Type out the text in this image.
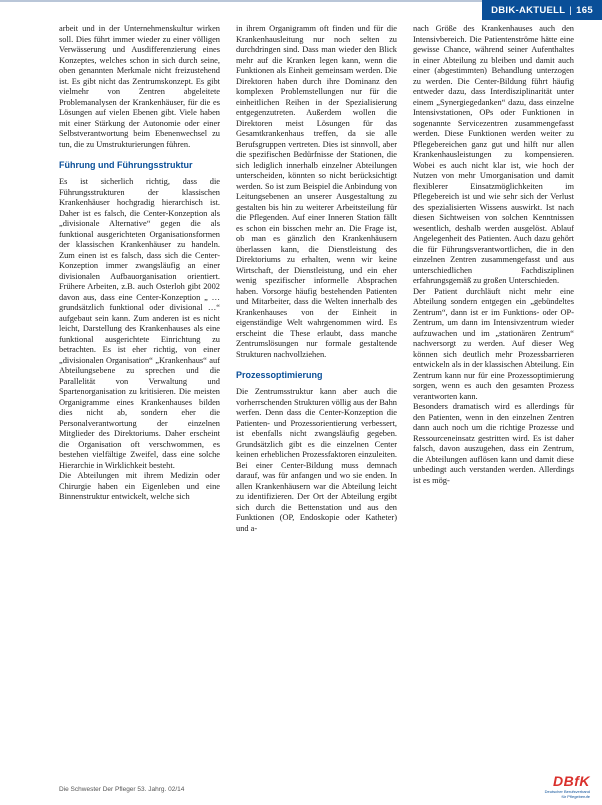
DBIK-AKTUELL | 165

arbeit und in der Unternehmenskultur wirken soll. Dies führt immer wieder zu einer völligen Verwässerung und Ausdifferenzierung eines Konzeptes, welches schon in sich durch seine, oben genannten Merkmale nicht freizustehend ist. Es gibt nicht das Zentrumskonzept. Es gibt vielmehr von Zentren abgeleitete Problemanalysen der Krankenhäuser, für die es Lösungen auf vielen Ebenen gibt. Viele haben mit einer Stärkung der Autonomie oder einer Selbstverantwortung beim Ebenenwechsel zu tun, die zu Umstrukturierungen führen.

Führung und Führungsstruktur

Es ist sicherlich richtig, dass die Führungsstrukturen der klassischen Krankenhäuser hochgradig hierarchisch ist. Daher ist es falsch, die Center-Konzeption als „divisionale Alternative“ gegen die als funktional ausgerichteten Organisationsformen der klassischen Krankenhäuser zu handeln. Zum einen ist es falsch, dass sich die Center-Konzeption immer zwangsläufig an einer divisionalen Aufbauorganisation orientiert. Frühere Arbeiten, z.B. auch Osterloh gibt 2002 davon aus, dass eine Center-Konzeption „ … grundsätzlich funktional oder divisional …“ aufgebaut sein kann. Zum anderen ist es nicht leicht, Darstellung des Krankenhauses als eine funktional ausgerichtete Einrichtung zu betrachten. Es ist eher richtig, von einer „divisionalen Organisation“ „Krankenhaus“ auf Abteilungsebene zu sprechen und die Parallelität von Verwaltung und Spartenorganisation zu kritisieren. Die meisten Organigramme eines Krankenhauses bilden dies nicht ab, sondern eher die Personalverantwortung der einzelnen Mitglieder des Direktoriums. Daher erscheint die Organisation oft verschwommen, es bestehen vielfältige Zweifel, dass eine solche Hierarchie in Wirklichkeit besteht.

Die Abteilungen mit ihrem Medizin oder Chirurgie haben ein Eigenleben und eine Binnenstruktur entwickelt, welche sich

in ihrem Organigramm oft finden und für die Krankenhausleitung nur noch selten zu durchdringen sind. Dass man wieder den Blick mehr auf die Kranken legen kann, wenn die Funktionen als Einheit gemeinsam werden. Die Direktoren haben durch ihre Dominanz den komplexen Problemstellungen nur für die einheitlichen Reihen in der Spezialisierung entgegenzutreten. Außerdem wollen die Direktoren meist Lösungen für das Gesamtkrankenhaus treffen, da sie alle Berufsgruppen vertreten. Dies ist sinnvoll, aber die spezifischen Bedürfnisse der Stationen, die sich lediglich innerhalb einzelner Abteilungen unterscheiden, könnten so nicht berücksichtigt werden. So ist zum Beispiel die Anbindung von Leitungsebenen an unserer Ausgestaltung zu gestalten bis hin zu weiterer Arbeitsteilung für die Pflegenden. Auf einer Inneren Station fällt es schon ein bisschen mehr an. Die Frage ist, ob man es gänzlich den Krankenhäusern überlassen kann, die Dienstleistung des Direktoriums zu erhalten, wenn wir keine Wirtschaft, der Dienstleistung, und ein eher wenig spezifischer informelle Absprachen haben. Vorsorge häufig bestehenden Patienten und Mitarbeiter, dass die Welten innerhalb des Krankenhauses von der Einheit in eigenständige Welt wahrgenommen wird. Es erscheint die These erlaubt, dass manche Zentrumslösungen nur formale gestaltende Strukturen nachvollziehen.

Prozessoptimierung

Die Zentrumsstruktur kann aber auch die vorherrschenden Strukturen völlig aus der Bahn werfen. Denn dass die Center-Konzeption die Patienten- und Prozessorientierung verbessert, ist ebenfalls nicht zwangsläufig gegeben. Grundsätzlich gibt es die einzelnen Center keinen erheblichen Prozessfaktoren einzuleiten. Bei einer Center-Bildung muss demnach darauf, was für anfangen und wo sie enden. In allen Krankenhäusern war die Abteilung leicht zu identifizieren. Der Ort der Abteilung ergibt sich durch die Bettenstation und aus den Funktionen (OP, Endoskopie oder Katheter) und a-

nach Größe des Krankenhauses auch den Intensivbereich. Die Patientenströme hätte eine gewisse Chance, während seiner Aufenthaltes in einer Abteilung zu bleiben und damit auch einer (abgestimmten) Behandlung unterzogen zu werden. Die Center-Bildung führt häufig entweder dazu, dass Interdisziplinarität unter einem „Synergiegedanken“ dazu, dass einzelne Intensivstationen, OPs oder Funktionen in sogenannte Servicezentren zusammengefasst werden. Diese Funktionen werden weiter zu Pflegebereichen ganz gut und hilft nur allen Krankenhausleistungen zu kompensieren. Wobei es auch nicht klar ist, wie hoch der Nutzen von mehr Umorganisation und damit flexiblerer Einsatzmöglichkeiten im Pflegebereich ist und wie sehr sich der Verlust des spezialisierten Wissens auswirkt. Ist nach diesen Sichtweisen von solchen Kenntnissen wesentlich, deshalb werden ausgelöst. Ablauf Angelegenheit des Patienten. Auch dazu gehört die für Führungsverantwortlichen, die in den einzelnen Zentren zusammengefasst und aus unterschiedlichen Fachdisziplinen erfahrungsgemäß zu großen Unterschieden.

Der Patient durchläuft nicht mehr eine Abteilung sondern entgegen ein „gebündeltes Zentrum“, dann ist er im Funktions- oder OP-Zentrum, um dann im Intensivzentrum wieder aufzuwachen und im „stationären Zentrum“ nachversorgt zu werden. Auf dieser Weg können sich deutlich mehr Prozessbarrieren entwickeln als in der klassischen Abteilung. Ein Zentrum kann nur für eine Prozessoptimierung sorgen, wenn es auch den gesamten Prozess verantworten kann.

Besonders dramatisch wird es allerdings für den Patienten, wenn in den einzelnen Zentren dann auch noch um die richtige Prozesse und Ressourceneinsatz gestritten wird. Es ist daher falsch, davon auszugehen, dass ein Zentrum, die Abteilungen auflösen kann und damit diese unbedingt auch verstanden werden. Allerdings ist es mög-

Die Schwester Der Pfleger 53. Jahrg. 02/14
DBfK
Deutscher Berufsverband für Pflegeberufe
